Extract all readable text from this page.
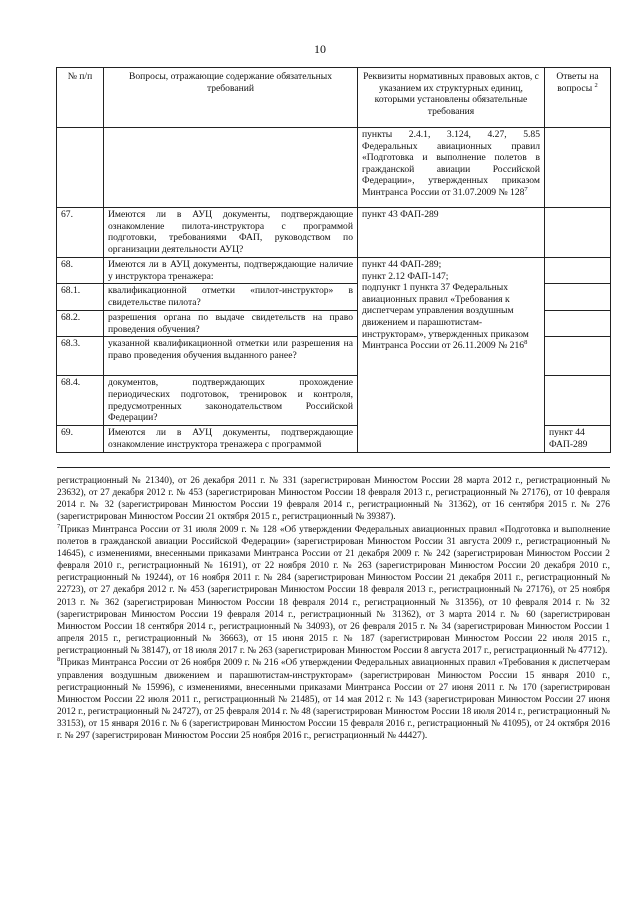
10
№ п/п	Вопросы, отражающие содержание обязательных требований	Реквизиты нормативных правовых актов, с указанием их структурных единиц, которыми установлены обязательные требования	Ответы на вопросы $^2$
		пункты 2.4.1, 3.124, 4.27, 5.85 Федеральных авиационных правил «Подготовка и выполнение полетов в гражданской авиации Российской Федерации», утвержденных приказом Минтранса России от 31.07.2009 № $128^7$	
67.	Имеются ли в АУЦ документы, подтверждающие ознакомление пилота-инструктора с программой подготовки, требованиями ФАП, руководством по организации деятельности АУЦ?	пункт 43 ФАП-289		
68.	Имеются ли в АУЦ документы, подтверждающие наличие у инструктора тренажера:	пункт 44 ФАП-289;
пункт 2.12 ФАП-147;
подпункт 1 пункта 37 Федеральных авиационных правил «Требования к диспетчерам управления воздушным движением и парашютистам-инструкторам», утвержденных приказом Минтранса России от 26.11.2009 № $216^8$

68.1.	квалификационной отметки «пилот-инструктор» в свидетельстве пилота?			
68.2.	разрешения органа по выдаче свидетельств на право проведения обучения?			
68.3.	указанной квалификационной отметки или разрешения на право проведения обучения выданного ранее?			
68.4.	документов, подтверждающих прохождение периодических подготовок, тренировок и контроля, предусмотренных законодательством Российской Федерации?			
69.	Имеются ли в АУЦ документы, подтверждающие ознакомление инструктора тренажера с программой		пункт 44 ФАП-289	

регистрационный № 21340), от 26 декабря 2011 г. № 331 (зарегистрирован Минюстом России 28 марта 2012 г., регистрационный № 23632), от 27 декабря 2012 г. № 453 (зарегистрирован Минюстом России 18 февраля 2013 г., регистрационный № 27176), от 10 февраля 2014 г. № 32 (зарегистрирован Минюстом России 19 февраля 2014 г., регистрационный № 31362), от 16 сентября 2015 г. № 276 (зарегистрирован Минюстом России 21 октября 2015 г., регистрационный № 39387).

$^7$Приказ Минтранса России от 31 июля 2009 г. № 128 «Об утверждении Федеральных авиационных правил «Подготовка и выполнение полетов в гражданской авиации Российской Федерации» (зарегистрирован Минюстом России 31 августа 2009 г., регистрационный № 14645), с изменениями, внесенными приказами Минтранса России от 21 декабря 2009 г. № 242 (зарегистрирован Минюстом России 2 февраля 2010 г., регистрационный № 16191), от 22 ноября 2010 г. № 263 (зарегистрирован Минюстом России 20 декабря 2010 г., регистрационный № 19244), от 16 ноября 2011 г. № 284 (зарегистрирован Минюстом России 21 декабря 2011 г., регистрационный № 22723), от 27 декабря 2012 г. № 453 (зарегистрирован Минюстом России 18 февраля 2013 г., регистрационный № 27176), от 25 ноября 2013 г. № 362 (зарегистрирован Минюстом России 18 февраля 2014 г., регистрационный № 31356), от 10 февраля 2014 г. № 32 (зарегистрирован Минюстом России 19 февраля 2014 г., регистрационный № 31362), от 3 марта 2014 г. № 60 (зарегистрирован Минюстом России 18 сентября 2014 г., регистрационный № 34093), от 26 февраля 2015 г. № 34 (зарегистрирован Минюстом России 1 апреля 2015 г., регистрационный № 36663), от 15 июня 2015 г. № 187 (зарегистрирован Минюстом России 22 июля 2015 г., регистрационный № 38147), от 18 июля 2017 г. № 263 (зарегистрирован Минюстом России 8 августа 2017 г., регистрационный № 47712).

$^8$Приказ Минтранса России от 26 ноября 2009 г. № 216 «Об утверждении Федеральных авиационных правил «Требования к диспетчерам управления воздушным движением и парашютистам-инструкторам» (зарегистрирован Минюстом России 15 января 2010 г., регистрационный № 15996), с изменениями, внесенными приказами Минтранса России от 27 июня 2011 г. № 170 (зарегистрирован Минюстом России 22 июля 2011 г., регистрационный № 21485), от 14 мая 2012 г. № 143 (зарегистрирован Минюстом России 27 июня 2012 г., регистрационный № 24727), от 25 февраля 2014 г. № 48 (зарегистрирован Минюстом России 18 июля 2014 г., регистрационный № 33153), от 15 января 2016 г. № 6 (зарегистрирован Минюстом России 15 февраля 2016 г., регистрационный № 41095), от 24 октября 2016 г. № 297 (зарегистрирован Минюстом России 25 ноября 2016 г., регистрационный № 44427).
